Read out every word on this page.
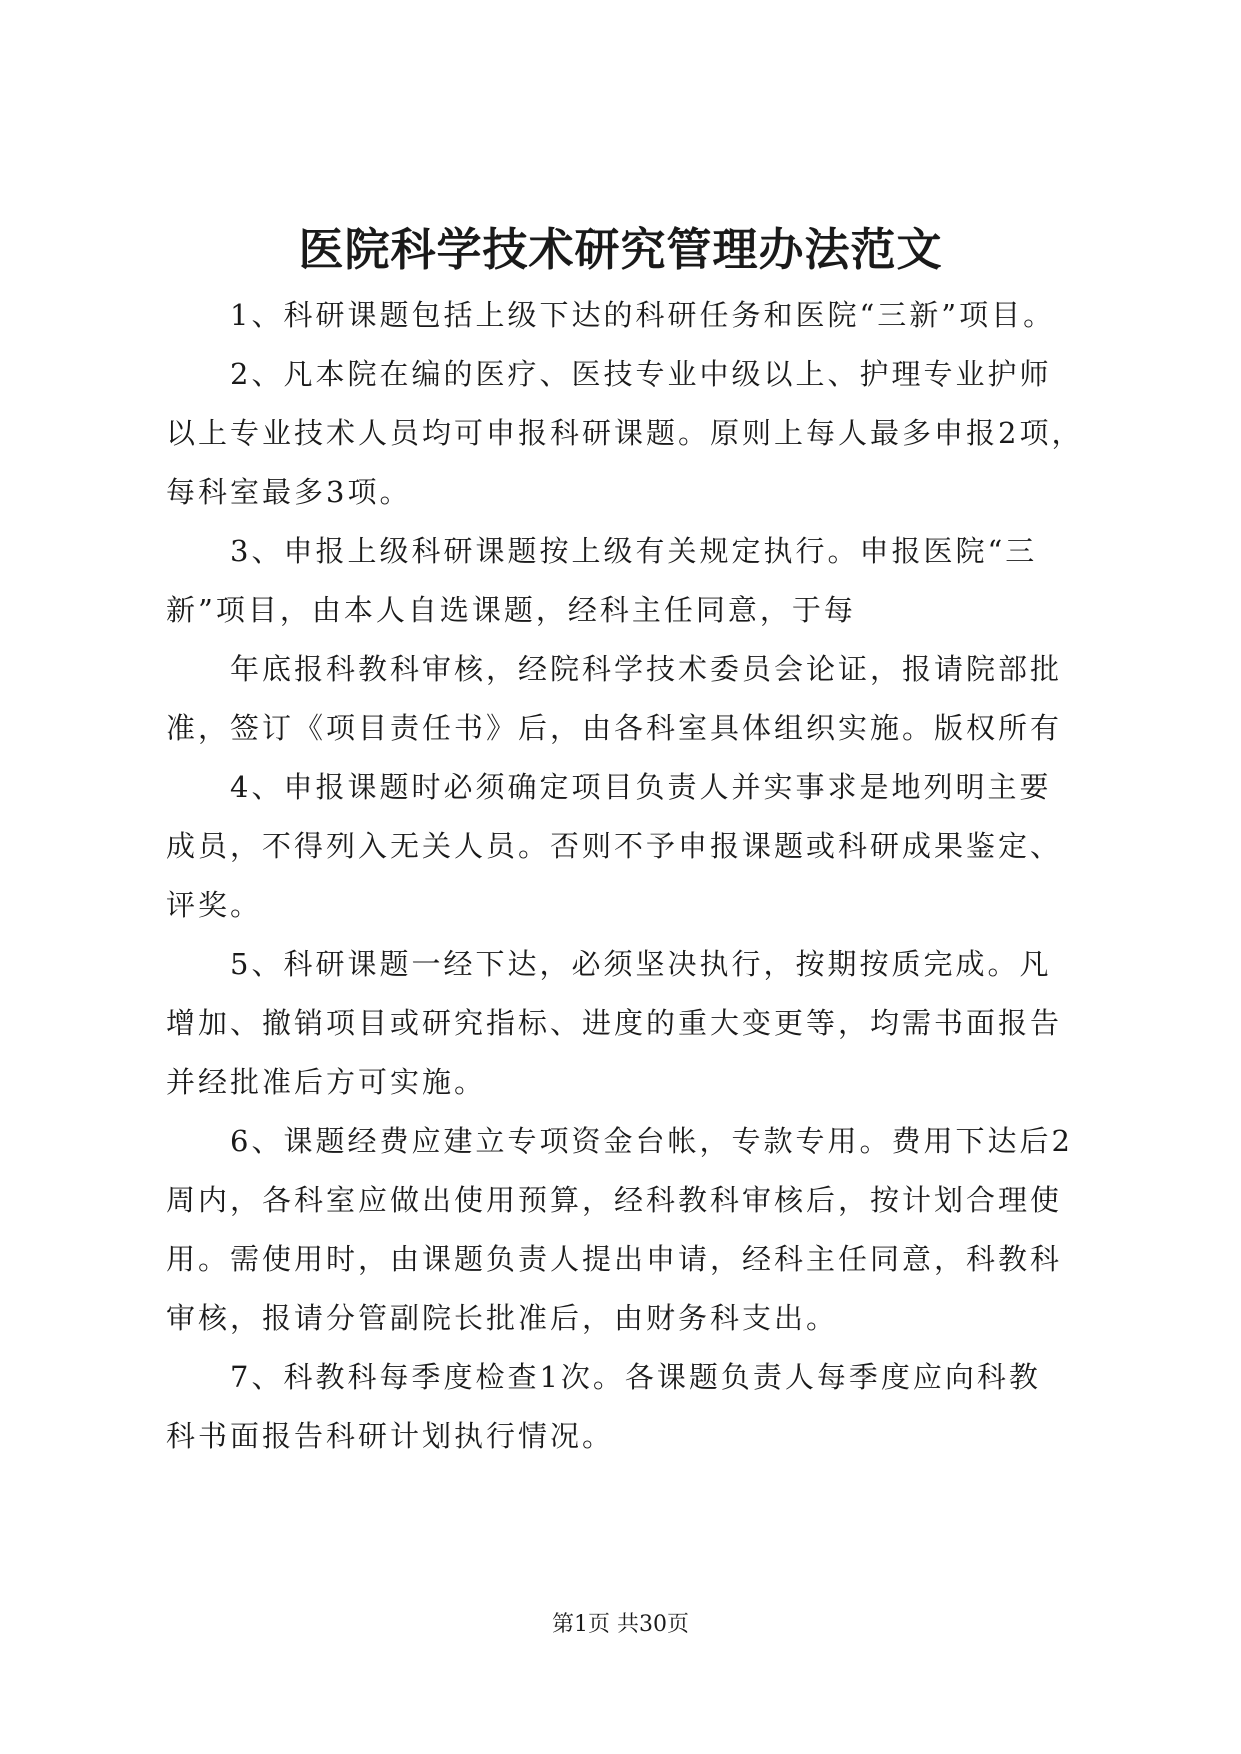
医院科学技术研究管理办法范文
1、科研课题包括上级下达的科研任务和医院“三新”项目。
2、凡本院在编的医疗、医技专业中级以上、护理专业护师
以上专业技术人员均可申报科研课题。原则上每人最多申报2项，
每科室最多3项。
3、申报上级科研课题按上级有关规定执行。申报医院“三
新”项目，由本人自选课题，经科主任同意，于每
年底报科教科审核，经院科学技术委员会论证，报请院部批
准，签订《项目责任书》后，由各科室具体组织实施。版权所有
4、申报课题时必须确定项目负责人并实事求是地列明主要
成员，不得列入无关人员。否则不予申报课题或科研成果鉴定、
评奖。
5、科研课题一经下达，必须坚决执行，按期按质完成。凡
增加、撤销项目或研究指标、进度的重大变更等，均需书面报告
并经批准后方可实施。
6、课题经费应建立专项资金台帐，专款专用。费用下达后2
周内，各科室应做出使用预算，经科教科审核后，按计划合理使
用。需使用时，由课题负责人提出申请，经科主任同意，科教科
审核，报请分管副院长批准后，由财务科支出。
7、科教科每季度检查1次。各课题负责人每季度应向科教
科书面报告科研计划执行情况。
第1页 共30页
